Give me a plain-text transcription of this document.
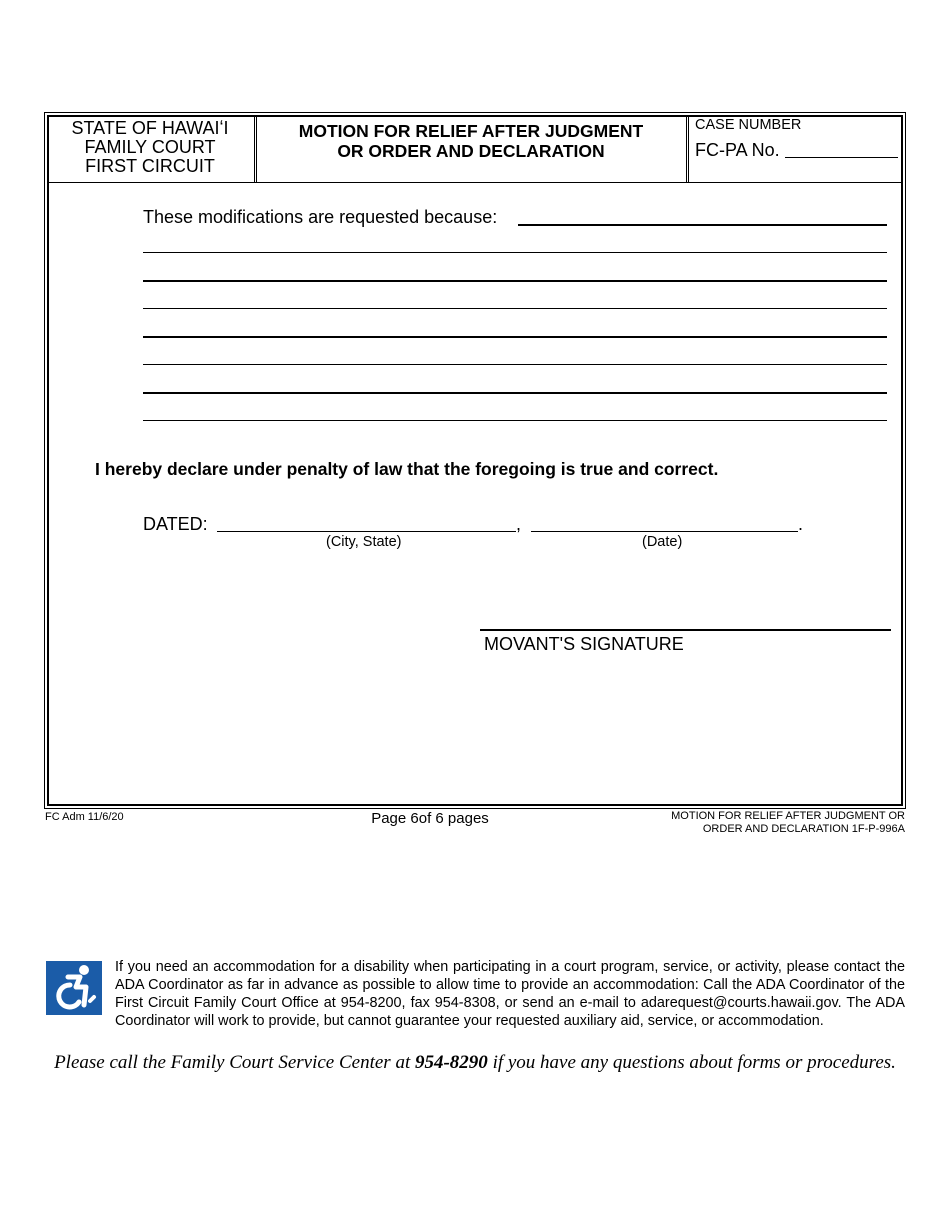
STATE OF HAWAIʻI
FAMILY COURT
FIRST CIRCUIT
MOTION FOR RELIEF AFTER JUDGMENT
OR ORDER AND DECLARATION
CASE NUMBER
FC-PA No.
These modifications are requested because:
I hereby declare under penalty of law that the foregoing is true and correct.
DATED:	,	.
(City, State)	(Date)
MOVANT'S SIGNATURE
FC Adm 11/6/20	Page 6of 6 pages	MOTION FOR RELIEF AFTER JUDGMENT OR
ORDER AND DECLARATION 1F-P-996A
If you need an accommodation for a disability when participating in a court program, service, or activity, please contact the ADA Coordinator as far in advance as possible to allow time to provide an accommodation: Call the ADA Coordinator of the First Circuit Family Court Office at 954-8200, fax 954-8308, or send an e-mail to adarequest@courts.hawaii.gov. The ADA Coordinator will work to provide, but cannot guarantee your requested auxiliary aid, service, or accommodation.
Please call the Family Court Service Center at 954-8290 if you have any questions about forms or procedures.
